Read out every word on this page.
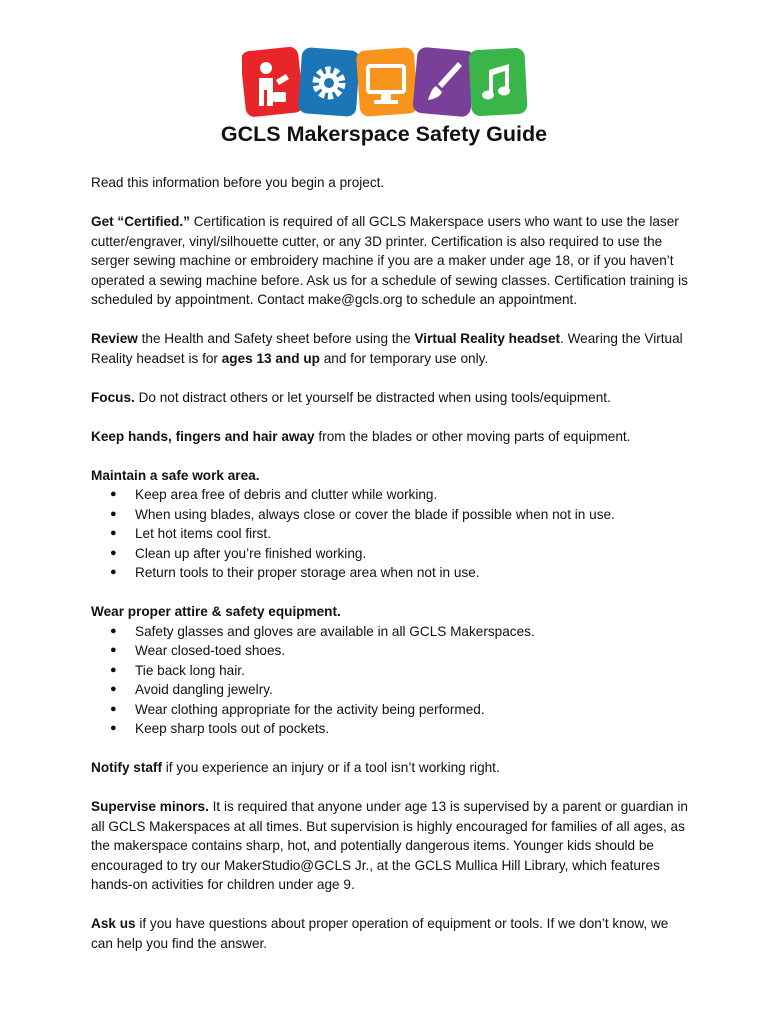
GCLS Makerspace Safety Guide

Read this information before you begin a project.

Get “Certified.” Certification is required of all GCLS Makerspace users who want to use the laser cutter/engraver, vinyl/silhouette cutter, or any 3D printer. Certification is also required to use the serger sewing machine or embroidery machine if you are a maker under age 18, or if you haven’t operated a sewing machine before. Ask us for a schedule of sewing classes. Certification training is scheduled by appointment. Contact make@gcls.org to schedule an appointment.

Review the Health and Safety sheet before using the Virtual Reality headset. Wearing the Virtual Reality headset is for ages 13 and up and for temporary use only.

Focus. Do not distract others or let yourself be distracted when using tools/equipment.

Keep hands, fingers and hair away from the blades or other moving parts of equipment.

Maintain a safe work area.

● Keep area free of debris and clutter while working.
● When using blades, always close or cover the blade if possible when not in use.
● Let hot items cool first.
● Clean up after you’re finished working.
● Return tools to their proper storage area when not in use.

Wear proper attire & safety equipment.

● Safety glasses and gloves are available in all GCLS Makerspaces.
● Wear closed-toed shoes.
● Tie back long hair.
● Avoid dangling jewelry.
● Wear clothing appropriate for the activity being performed.
● Keep sharp tools out of pockets.

Notify staff if you experience an injury or if a tool isn’t working right.

Supervise minors. It is required that anyone under age 13 is supervised by a parent or guardian in all GCLS Makerspaces at all times. But supervision is highly encouraged for families of all ages, as the makerspace contains sharp, hot, and potentially dangerous items. Younger kids should be encouraged to try our MakerStudio@GCLS Jr., at the GCLS Mullica Hill Library, which features hands-on activities for children under age 9.

Ask us if you have questions about proper operation of equipment or tools. If we don’t know, we can help you find the answer.
